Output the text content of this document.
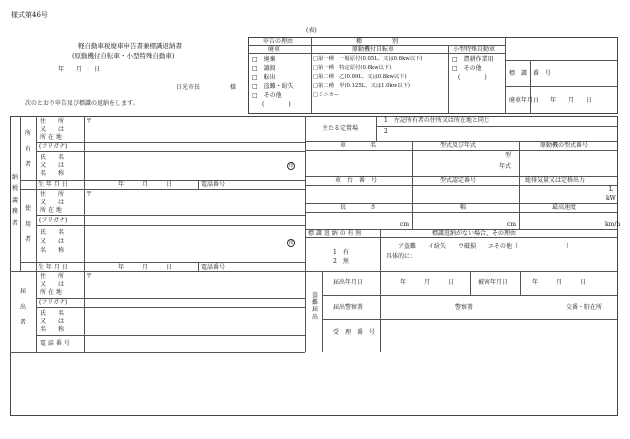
様式第46号
(表)
軽自動車税廃車申告書兼標識返納書
(原動機付自転車・小型特殊自動車)
年　　月　　日
日光市長	様
次のとおり申告及び標識の返納をします。
申告の理由
廃車
□　廃棄
□　譲渡
□　転出
□　盗難・紛失
□　その他
(　　　　)
種　　　　　別
原動機付自転車
□第一種　一般原付(0.05L、又は0.6kw以下)
□第一種　特定原付(0.6kw以下)
□第二種　乙(0.09L、又は0.8kw以下)
□第二種　甲(0.125L、又は1.0kw以下)
□ミニカー
小型特殊自動車
□　農耕作業用
□　その他
(　　　　)
標　識　番　号
廃車年月日 年　　月　　日
納税義務者
所有者
住　　所
又　　は
所 在 地
〒
(フリガナ)
氏　　名
又　　は
名　　称
印
生 年 月 日	年　　　月　　　日	電話番号
使用者
住　　所
又　　は
所 在 地
〒
(フリガナ)
氏　　名
又　　は
名　　称
印
生 年 月 日	年　　　月　　　日	電話番号
届出者
住　　所
又　　は
所 在 地
〒
(フリガナ)
氏　　名
又　　は
名　　称
電 話 番 号
主たる定置場
1　左記所有者の住所又は所在地と同じ
2
車　　　　名	型式及び年式	原動機の型式番号
型
年式
車　台　番　号	型式認定番号	総排気量又は定格出力
L
kW
長　　　　さ	幅	最高速度
cm	cm	km/h
標 識 返 納 の 有 無
1　有
2　無
標識返納がない場合、その理由
ア盗難　　イ紛失　　ウ破損　　エその他（　　　　　　　　）
具体的に：
盗難届出
届出年月日	年　　　月　　　日	被害年月日	年　　　月　　　日
届出警察署	警察署	交番・駐在所
受　理　番　号
